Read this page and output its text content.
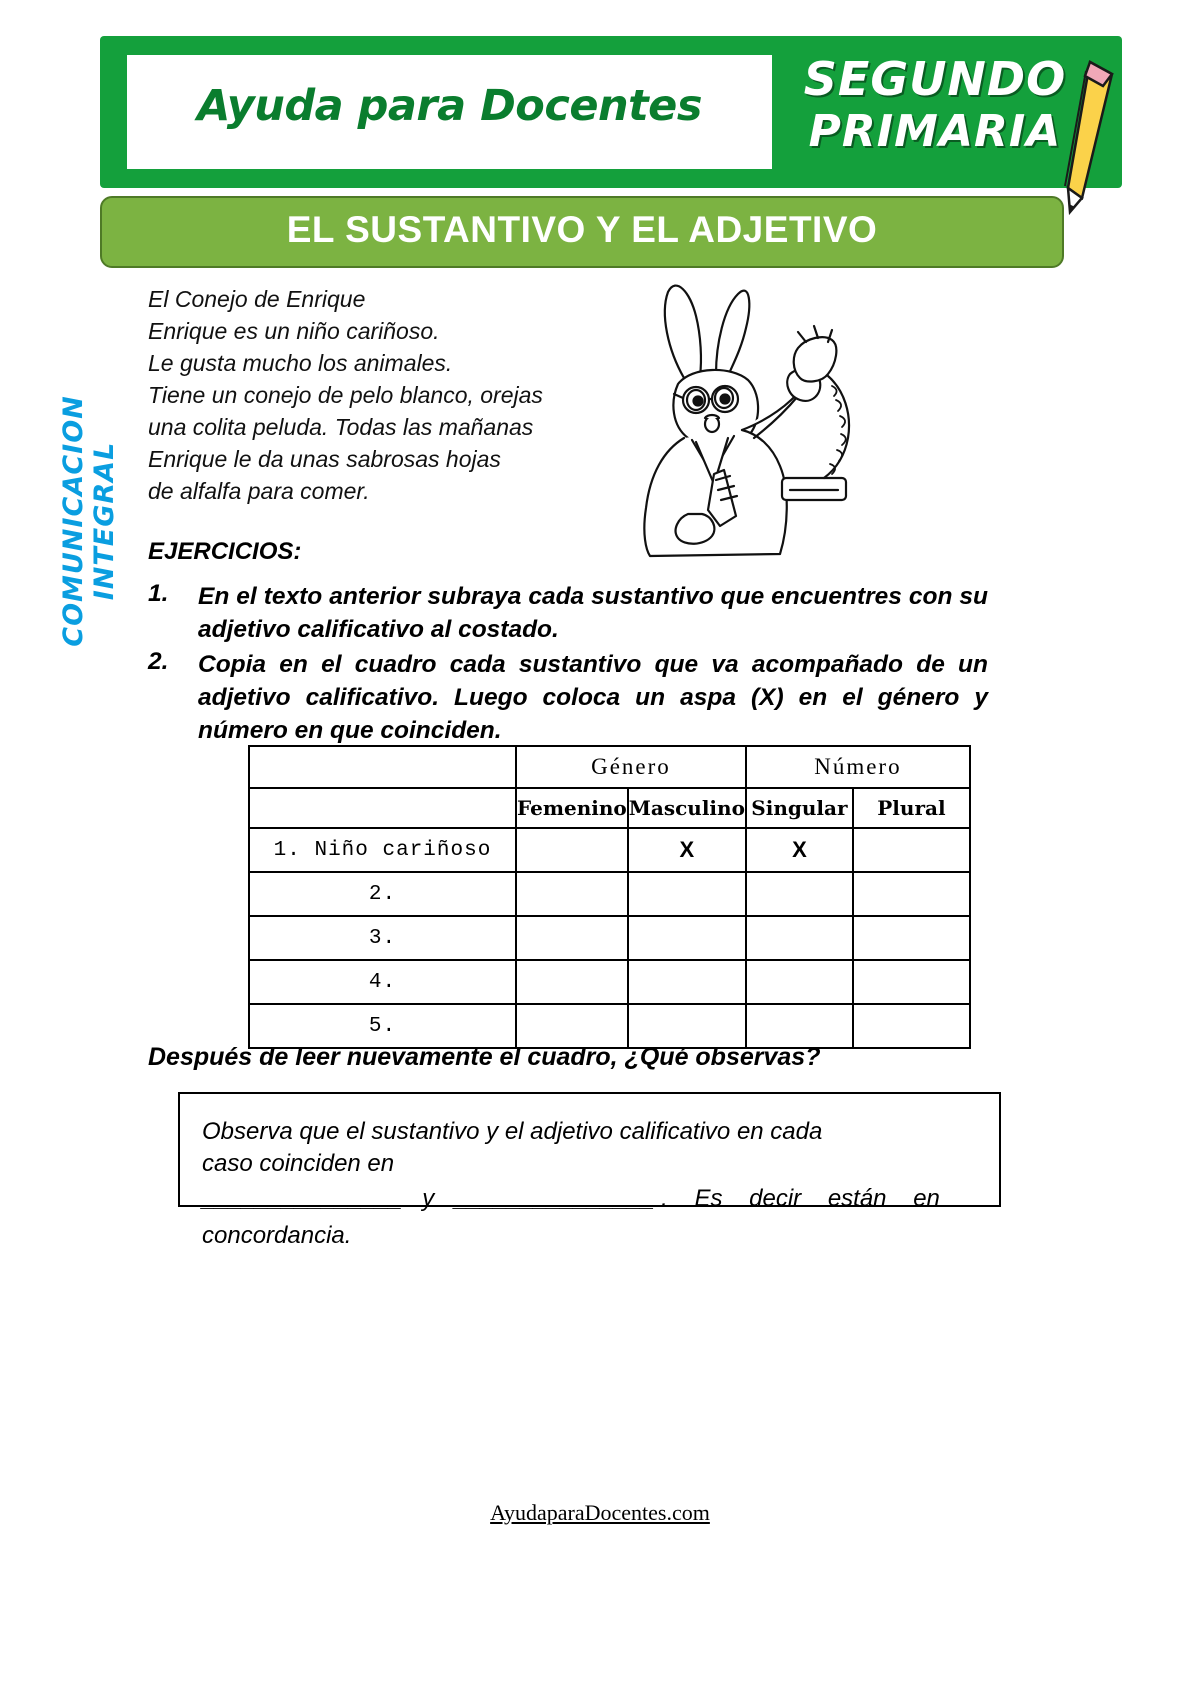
Ayuda para Docentes	SEGUNDO
PRIMARIA
EL SUSTANTIVO Y EL ADJETIVO
COMUNICACION INTEGRAL
El Conejo de Enrique
Enrique es un niño cariñoso.
Le gusta mucho los animales.
Tiene un conejo de pelo blanco, orejas
una colita peluda. Todas las mañanas
Enrique le da unas sabrosas hojas
de alfalfa para comer.
EJERCICIOS:
1. En el texto anterior subraya cada sustantivo que encuentres con su adjetivo calificativo al costado.
2. Copia en el cuadro cada sustantivo que va acompañado de un adjetivo calificativo. Luego coloca un aspa (X) en el género y número en que coinciden.
	Género		Número	
	Femenino	Masculino	Singular	Plural
1. Niño cariñoso		X	X	
2.				
3.				
4.				
5.				
Después de leer nuevamente el cuadro, ¿Qué observas?
Observa que el sustantivo y el adjetivo calificativo en cada
caso coinciden en
_______________   y   _______________ .    Es    decir    están    en
concordancia.
AyudaparaDocentes.com
